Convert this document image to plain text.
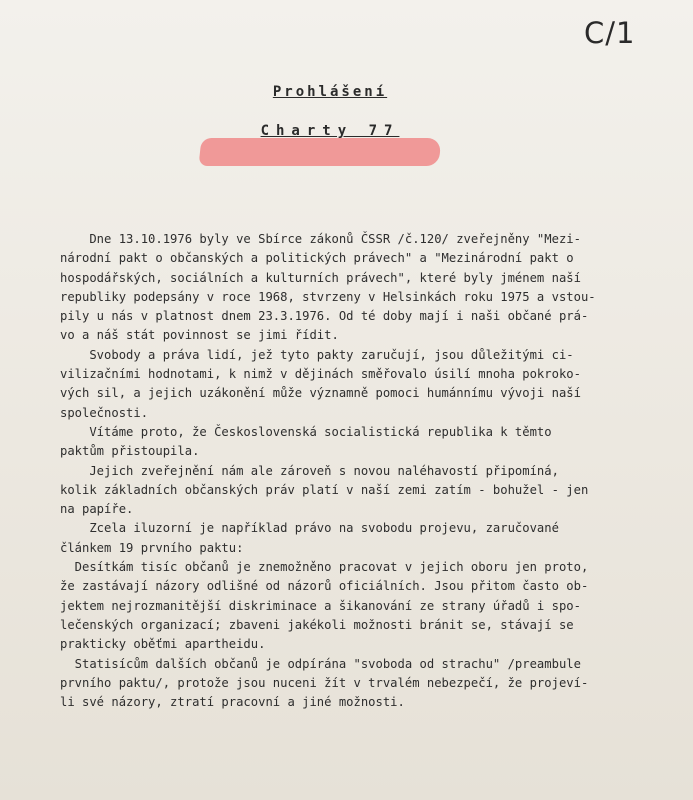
C/1
Prohlášení
Charty 77
Dne 13.10.1976 byly ve Sbírce zákonů ČSSR /č.120/ zveřejněny "Mezi-
národní pakt o občanských a politických právech" a "Mezinárodní pakt o
hospodářských, sociálních a kulturních právech", které byly jménem naší
republiky podepsány v roce 1968, stvrzeny v Helsinkách roku 1975 a vstou-
pily u nás v platnost dnem 23.3.1976. Od té doby mají i naši občané prá-
vo a náš stát povinnost se jimi řídit.
Svobody a práva lidí, jež tyto pakty zaručují, jsou důležitými ci-
vilizačními hodnotami, k nimž v dějinách směřovalo úsilí mnoha pokroko-
vých sil, a jejich uzákonění může významně pomoci humánnímu vývoji naší
společnosti.
Vítáme proto, že Československá socialistická republika k těmto
paktům přistoupila.
Jejich zveřejnění nám ale zároveň s novou naléhavostí připomíná,
kolik základních občanských práv platí v naší zemi zatím - bohužel - jen
na papíře.
Zcela iluzorní je například právo na svobodu projevu, zaručované
článkem 19 prvního paktu:
Desítkám tisíc občanů je znemožněno pracovat v jejich oboru jen proto,
že zastávají názory odlišné od názorů oficiálních. Jsou přitom často ob-
jektem nejrozmanitější diskriminace a šikanování ze strany úřadů i spo-
lečenských organizací; zbaveni jakékoli možnosti bránit se, stávají se
prakticky oběťmi apartheidu.
Statisícům dalších občanů je odpírána "svoboda od strachu" /preambule
prvního paktu/, protože jsou nuceni žít v trvalém nebezpečí, že projeví-
li své názory, ztratí pracovní a jiné možnosti.
